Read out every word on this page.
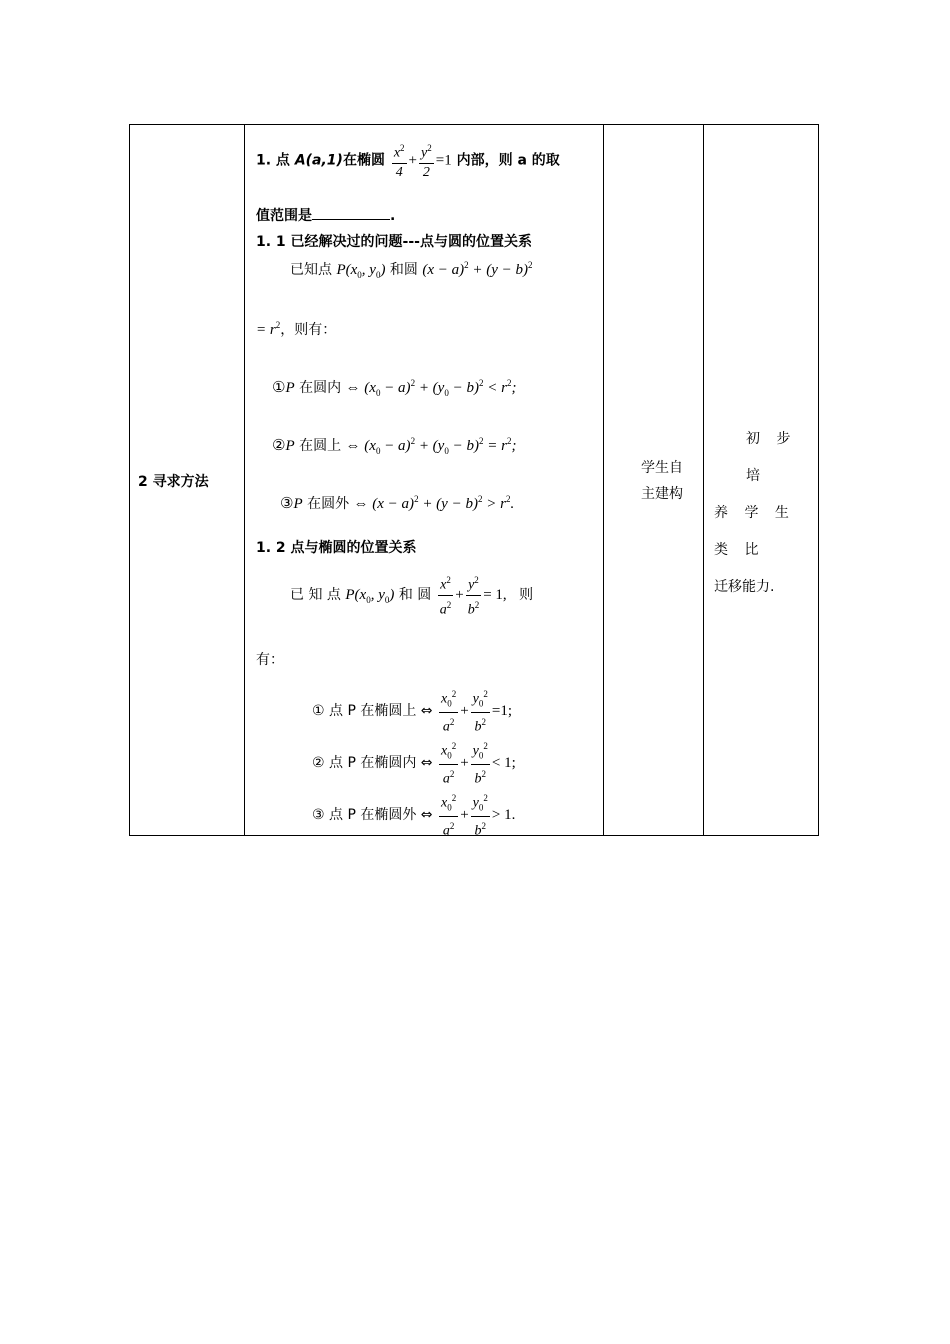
2 寻求方法
学生自
主建构
初 步 培
养 学 生 类 比
迁移能力.
1. 点 A(a,1)在椭圆 $\frac{x^2}{4} + \frac{y^2}{2} =1$ 内部，则 a 的取
值范围是	.
1. 1 已经解决过的问题---点与圆的位置关系
已知点 $P(x_0$, $y_0$) 和圆 $(x - a)^2 + (y - b)^2$
= $r^2$，则有：
①P 在圆内 ⇔ $(x_0 - a)^2 + (y_0 - b)^2 < r^2$;
②P 在圆上 ⇔ $(x_0 - a)^2 + (y_0 - b)^2 = r^2$;
③P 在圆外 ⇔ $(x - a)^2 + (y - b)^2 > r^2$.
1. 2 点与椭圆的位置关系
已 知 点 $P(x_0$, $y_0$) 和 圆 $\frac{x^2}{a^2} + \frac{y^2}{b^2} = 1$, 则
有：
① 点 P 在椭圆上 ⇔ $\frac{x_0^2}{a^2} + \frac{y_0^2}{b^2} =1$;
② 点 P 在椭圆内 ⇔ $\frac{x_0^2}{a^2} + \frac{y_0^2}{b^2} < 1$;
③ 点 P 在椭圆外 ⇔ $\frac{x_0^2}{a^2} + \frac{y_0^2}{b^2} > 1$.
